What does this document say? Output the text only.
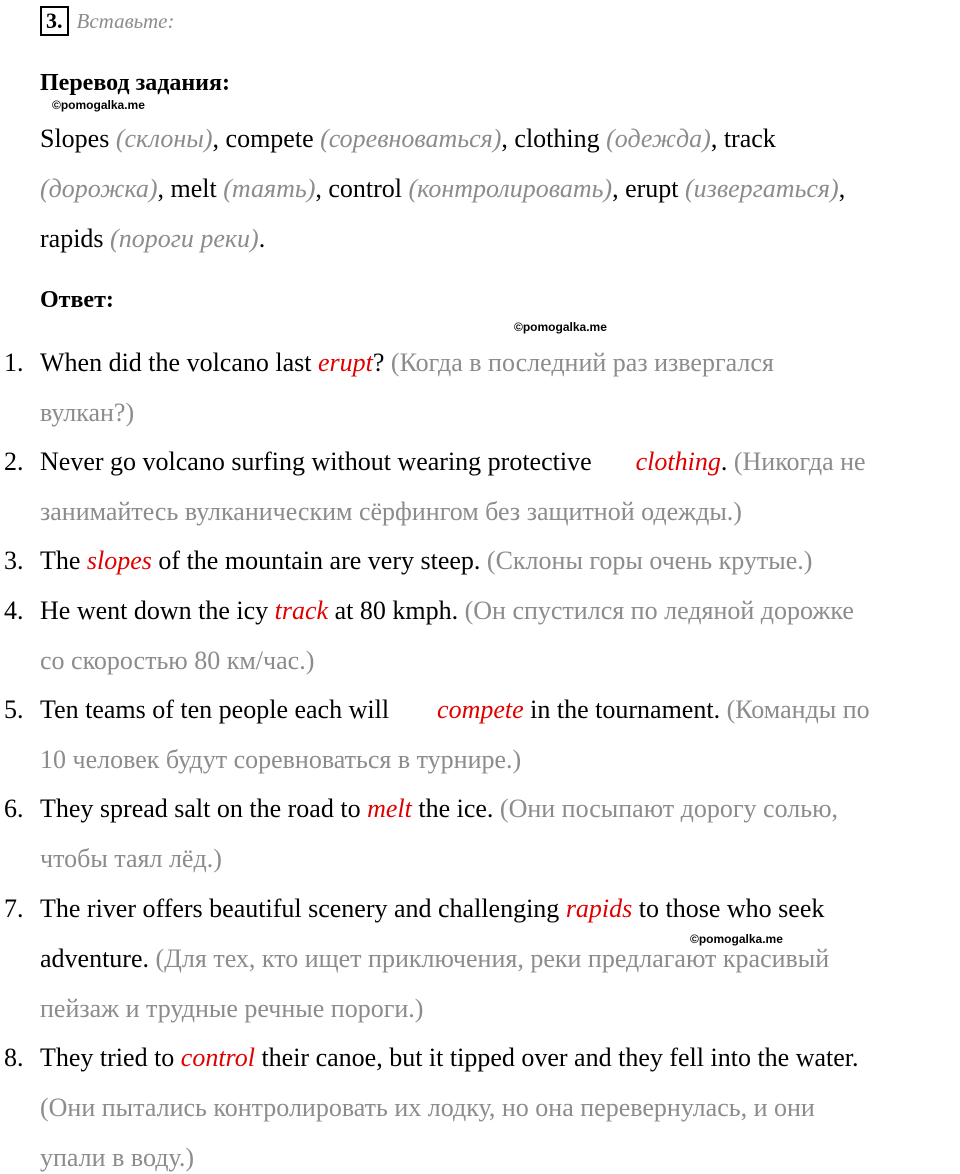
3. Вставьте:
Перевод задания:
©pomogalka.me
Slopes (склоны), compete (соревноваться), clothing (одежда), track
(дорожка), melt (таять), control (контролировать), erupt (извергаться),
rapids (пороги реки).
Ответ:
©pomogalka.me
1. When did the volcano last erupt? (Когда в последний раз извергался
вулкан?)
2. Never go volcano surfing without wearing protective clothing. (Никогда не
занимайтесь вулканическим сёрфингом без защитной одежды.)
3. The slopes of the mountain are very steep. (Склоны горы очень крутые.)
4. He went down the icy track at 80 kmph. (Он спустился по ледяной дорожке
со скоростью 80 км/час.)
5. Ten teams of ten people each will compete in the tournament. (Команды по
10 человек будут соревноваться в турнире.)
6. They spread salt on the road to melt the ice. (Они посыпают дорогу солью,
чтобы таял лёд.)
7. The river offers beautiful scenery and challenging rapids to those who seek
©pomogalka.me
adventure. (Для тех, кто ищет приключения, реки предлагают красивый
пейзаж и трудные речные пороги.)
8. They tried to control their canoe, but it tipped over and they fell into the water.
(Они пытались контролировать их лодку, но она перевернулась, и они
упали в воду.)
